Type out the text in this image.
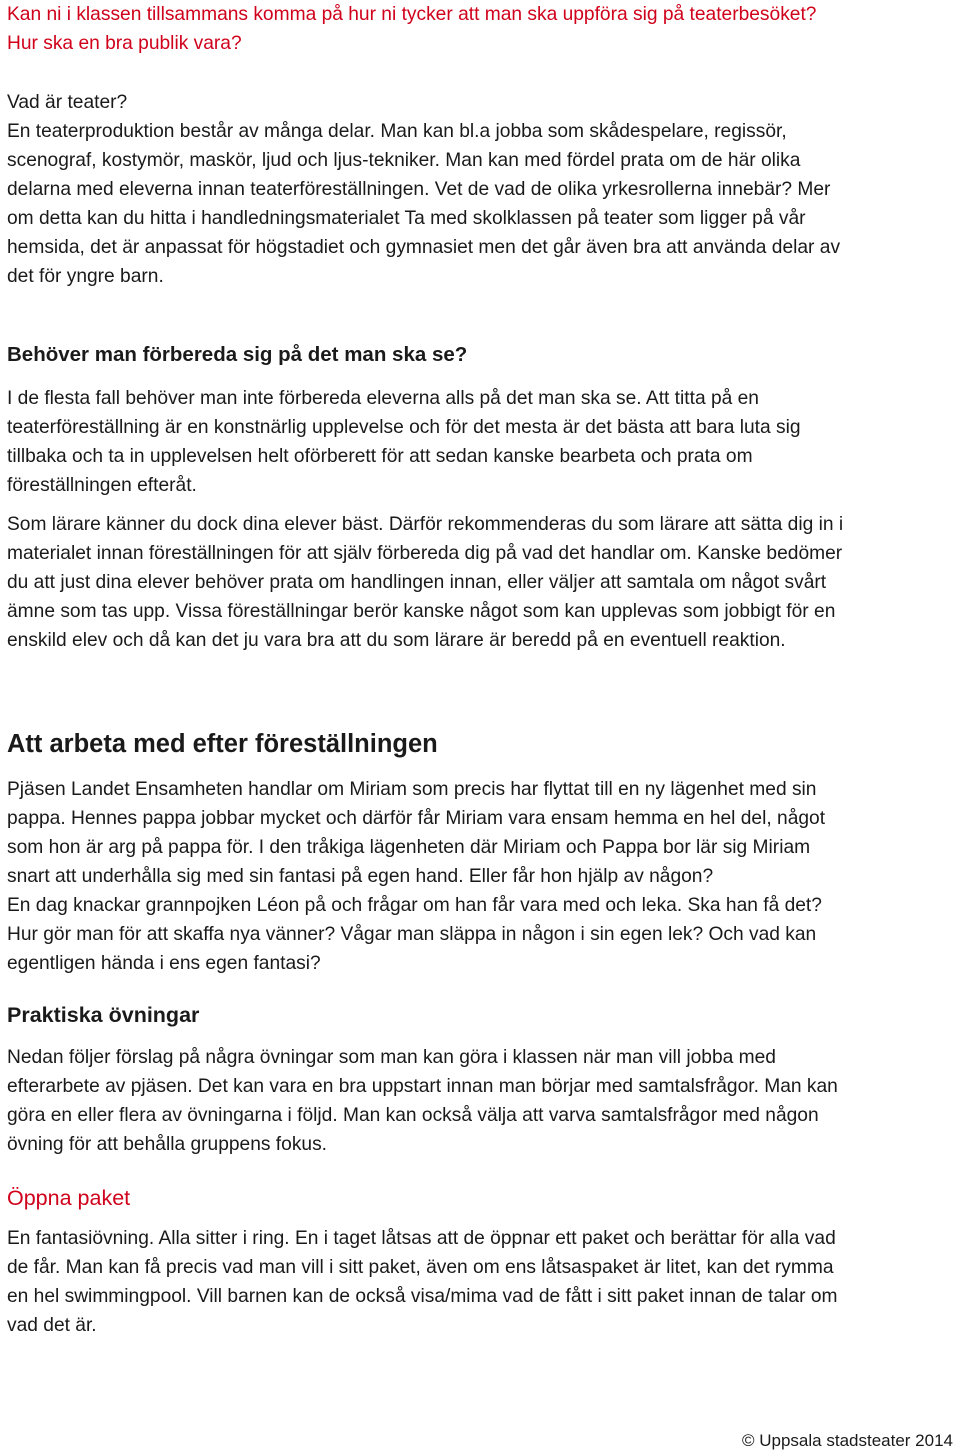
Kan ni i klassen tillsammans komma på hur ni tycker att man ska uppföra sig på teaterbesöket?

Hur ska en bra publik vara?

Vad är teater?

En teaterproduktion består av många delar. Man kan bl.a jobba som skådespelare, regissör,

scenograf, kostymör, maskör, ljud och ljus-tekniker. Man kan med fördel prata om de här olika

delarna med eleverna innan teaterföreställningen. Vet de vad de olika yrkesrollerna innebär? Mer

om detta kan du hitta i handledningsmaterialet Ta med skolklassen på teater som ligger på vår

hemsida, det är anpassat för högstadiet och gymnasiet men det går även bra att använda delar av

det för yngre barn.

Behöver man förbereda sig på det man ska se?

I de flesta fall behöver man inte förbereda eleverna alls på det man ska se. Att titta på en

teaterföreställning är en konstnärlig upplevelse och för det mesta är det bästa att bara luta sig

tillbaka och ta in upplevelsen helt oförberett för att sedan kanske bearbeta och prata om

föreställningen efteråt.

Som lärare känner du dock dina elever bäst. Därför rekommenderas du som lärare att sätta dig in i

materialet innan föreställningen för att själv förbereda dig på vad det handlar om. Kanske bedömer

du att just dina elever behöver prata om handlingen innan, eller väljer att samtala om något svårt

ämne som tas upp. Vissa föreställningar berör kanske något som kan upplevas som jobbigt för en

enskild elev och då kan det ju vara bra att du som lärare är beredd på en eventuell reaktion.

Att arbeta med efter föreställningen

Pjäsen Landet Ensamheten handlar om Miriam som precis har flyttat till en ny lägenhet med sin

pappa. Hennes pappa jobbar mycket och därför får Miriam vara ensam hemma en hel del, något

som hon är arg på pappa för. I den tråkiga lägenheten där Miriam och Pappa bor lär sig Miriam

snart att underhålla sig med sin fantasi på egen hand. Eller får hon hjälp av någon?

En dag knackar grannpojken Léon på och frågar om han får vara med och leka. Ska han få det?

Hur gör man för att skaffa nya vänner? Vågar man släppa in någon i sin egen lek? Och vad kan

egentligen hända i ens egen fantasi?

Praktiska övningar

Nedan följer förslag på några övningar som man kan göra i klassen när man vill jobba med

efterarbete av pjäsen. Det kan vara en bra uppstart innan man börjar med samtalsfrågor. Man kan

göra en eller flera av övningarna i följd. Man kan också välja att varva samtalsfrågor med någon

övning för att behålla gruppens fokus.

Öppna paket

En fantasiövning. Alla sitter i ring. En i taget låtsas att de öppnar ett paket och berättar för alla vad

de får. Man kan få precis vad man vill i sitt paket, även om ens låtsaspaket är litet, kan det rymma

en hel swimmingpool. Vill barnen kan de också visa/mima vad de fått i sitt paket innan de talar om

vad det är.

© Uppsala stadsteater 2014
